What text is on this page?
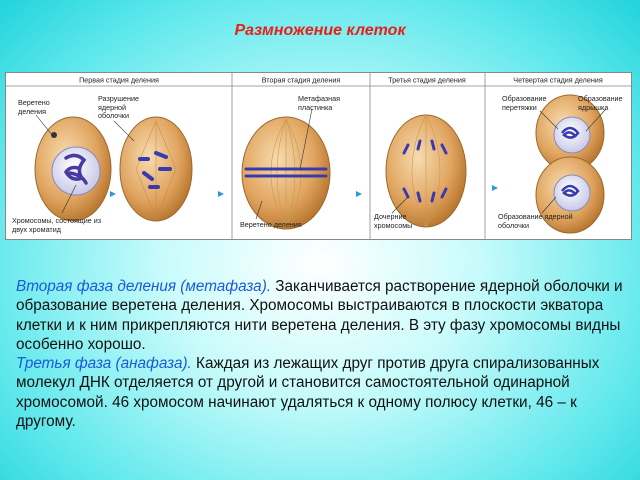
Размножение клеток
Первая стадия деления	Вторая стадия деления	Третья стадия деления	Четвертая стадия деления
Веретено деления
Разрушение ядерной оболочки
Хромосомы, состоящие из двух хроматид
Метафазная пластинка
Веретено деления
Дочерние хромосомы
Образование перетяжки
Образование ядрышка
Образование ядерной оболочки

Вторая фаза деления (метафаза). Заканчивается растворение ядерной оболочки и образование веретена деления. Хромосомы выстраиваются в плоскости экватора клетки и к ним прикрепляются нити веретена деления. В эту фазу хромосомы видны особенно хорошо.

Третья фаза (анафаза). Каждая из лежащих друг против друга спирализованных молекул ДНК отделяется от другой и становится самостоятельной одинарной хромосомой. 46 хромосом начинают удаляться к одному полюсу клетки, 46 – к другому.
